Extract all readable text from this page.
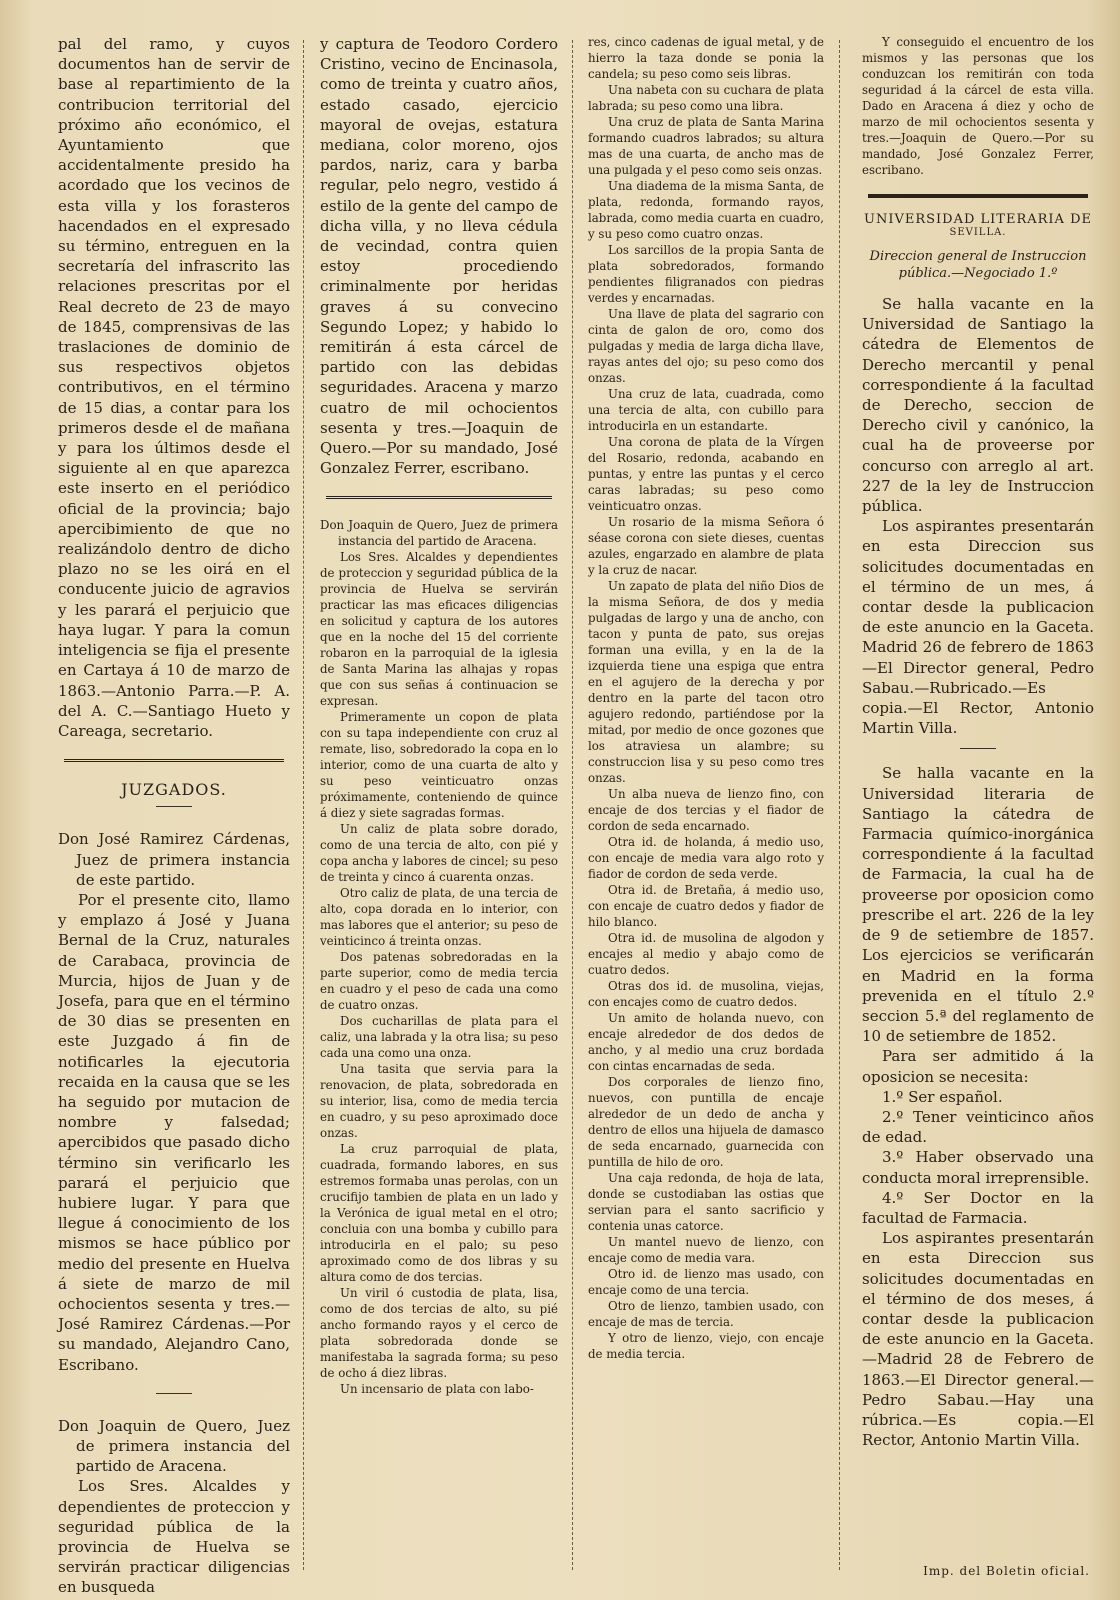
pal del ramo, y cuyos documentos han de servir de base al repartimiento de la contribucion territorial del próximo año económico, el Ayuntamiento que accidentalmente presido ha acordado que los vecinos de esta villa y los forasteros hacendados en el expresado su término, entreguen en la secretaría del infrascrito las relaciones prescritas por el Real decreto de 23 de mayo de 1845, comprensivas de las traslaciones de dominio de sus respectivos objetos contributivos, en el término de 15 dias, a contar para los primeros desde el de mañana y para los últimos desde el siguiente al en que aparezca este inserto en el periódico oficial de la provincia; bajo apercibimiento de que no realizándolo dentro de dicho plazo no se les oirá en el conducente juicio de agravios y les parará el perjuicio que haya lugar. Y para la comun inteligencia se fija el presente en Cartaya á 10 de marzo de 1863.—Antonio Parra.—P. A. del A. C.—Santiago Hueto y Careaga, secretario.

JUZGADOS.

Don José Ramirez Cárdenas, Juez de primera instancia de este partido.

Por el presente cito, llamo y emplazo á José y Juana Bernal de la Cruz, naturales de Carabaca, provincia de Murcia, hijos de Juan y de Josefa, para que en el término de 30 dias se presenten en este Juzgado á fin de notificarles la ejecutoria recaida en la causa que se les ha seguido por mutacion de nombre y falsedad; apercibidos que pasado dicho término sin verificarlo les parará el perjuicio que hubiere lugar. Y para que llegue á conocimiento de los mismos se hace público por medio del presente en Huelva á siete de marzo de mil ochocientos sesenta y tres.—José Ramirez Cárdenas.—Por su mandado, Alejandro Cano, Escribano.

Don Joaquin de Quero, Juez de primera instancia del partido de Aracena.

Los Sres. Alcaldes y dependientes de proteccion y seguridad pública de la provincia de Huelva se servirán practicar diligencias en busqueda

y captura de Teodoro Cordero Cristino, vecino de Encinasola, como de treinta y cuatro años, estado casado, ejercicio mayoral de ovejas, estatura mediana, color moreno, ojos pardos, nariz, cara y barba regular, pelo negro, vestido á estilo de la gente del campo de dicha villa, y no lleva cédula de vecindad, contra quien estoy procediendo criminalmente por heridas graves á su convecino Segundo Lopez; y habido lo remitirán á esta cárcel de partido con las debidas seguridades. Aracena y marzo cuatro de mil ochocientos sesenta y tres.—Joaquin de Quero.—Por su mandado, José Gonzalez Ferrer, escribano.

Don Joaquin de Quero, Juez de primera instancia del partido de Aracena.

Los Sres. Alcaldes y dependientes de proteccion y seguridad pública de la provincia de Huelva se servirán practicar las mas eficaces diligencias en solicitud y captura de los autores que en la noche del 15 del corriente robaron en la parroquial de la iglesia de Santa Marina las alhajas y ropas que con sus señas á continuacion se expresan.

Primeramente un copon de plata con su tapa independiente con cruz al remate, liso, sobredorado la copa en lo interior, como de una cuarta de alto y su peso veinticuatro onzas próximamente, conteniendo de quince á diez y siete sagradas formas.

Un caliz de plata sobre dorado, como de una tercia de alto, con pié y copa ancha y labores de cincel; su peso de treinta y cinco á cuarenta onzas.

Otro caliz de plata, de una tercia de alto, copa dorada en lo interior, con mas labores que el anterior; su peso de veinticinco á treinta onzas.

Dos patenas sobredoradas en la parte superior, como de media tercia en cuadro y el peso de cada una como de cuatro onzas.

Dos cucharillas de plata para el caliz, una labrada y la otra lisa; su peso cada una como una onza.

Una tasita que servia para la renovacion, de plata, sobredorada en su interior, lisa, como de media tercia en cuadro, y su peso aproximado doce onzas.

La cruz parroquial de plata, cuadrada, formando labores, en sus estremos formaba unas perolas, con un crucifijo tambien de plata en un lado y la Verónica de igual metal en el otro; concluia con una bomba y cubillo para introducirla en el palo; su peso aproximado como de dos libras y su altura como de dos tercias.

Un viril ó custodia de plata, lisa, como de dos tercias de alto, su pié ancho formando rayos y el cerco de plata sobredorada donde se manifestaba la sagrada forma; su peso de ocho á diez libras.

Un incensario de plata con labo-

res, cinco cadenas de igual metal, y de hierro la taza donde se ponia la candela; su peso como seis libras.

Una nabeta con su cuchara de plata labrada; su peso como una libra.

Una cruz de plata de Santa Marina formando cuadros labrados; su altura mas de una cuarta, de ancho mas de una pulgada y el peso como seis onzas.

Una diadema de la misma Santa, de plata, redonda, formando rayos, labrada, como media cuarta en cuadro, y su peso como cuatro onzas.

Los sarcillos de la propia Santa de plata sobredorados, formando pendientes filigranados con piedras verdes y encarnadas.

Una llave de plata del sagrario con cinta de galon de oro, como dos pulgadas y media de larga dicha llave, rayas antes del ojo; su peso como dos onzas.

Una cruz de lata, cuadrada, como una tercia de alta, con cubillo para introducirla en un estandarte.

Una corona de plata de la Vírgen del Rosario, redonda, acabando en puntas, y entre las puntas y el cerco caras labradas; su peso como veinticuatro onzas.

Un rosario de la misma Señora ó séase corona con siete dieses, cuentas azules, engarzado en alambre de plata y la cruz de nacar.

Un zapato de plata del niño Dios de la misma Señora, de dos y media pulgadas de largo y una de ancho, con tacon y punta de pato, sus orejas forman una evilla, y en la de la izquierda tiene una espiga que entra en el agujero de la derecha y por dentro en la parte del tacon otro agujero redondo, partiéndose por la mitad, por medio de once gozones que los atraviesa un alambre; su construccion lisa y su peso como tres onzas.

Un alba nueva de lienzo fino, con encaje de dos tercias y el fiador de cordon de seda encarnado.

Otra id. de holanda, á medio uso, con encaje de media vara algo roto y fiador de cordon de seda verde.

Otra id. de Bretaña, á medio uso, con encaje de cuatro dedos y fiador de hilo blanco.

Otra id. de musolina de algodon y encajes al medio y abajo como de cuatro dedos.

Otras dos id. de musolina, viejas, con encajes como de cuatro dedos.

Un amito de holanda nuevo, con encaje alrededor de dos dedos de ancho, y al medio una cruz bordada con cintas encarnadas de seda.

Dos corporales de lienzo fino, nuevos, con puntilla de encaje alrededor de un dedo de ancha y dentro de ellos una hijuela de damasco de seda encarnado, guarnecida con puntilla de hilo de oro.

Una caja redonda, de hoja de lata, donde se custodiaban las ostias que servian para el santo sacrificio y contenia unas catorce.

Un mantel nuevo de lienzo, con encaje como de media vara.

Otro id. de lienzo mas usado, con encaje como de una tercia.

Otro de lienzo, tambien usado, con encaje de mas de tercia.

Y otro de lienzo, viejo, con encaje de media tercia.

Y conseguido el encuentro de los mismos y las personas que los conduzcan los remitirán con toda seguridad á la cárcel de esta villa. Dado en Aracena á diez y ocho de marzo de mil ochocientos sesenta y tres.—Joaquin de Quero.—Por su mandado, José Gonzalez Ferrer, escribano.

UNIVERSIDAD LITERARIA DE
SEVILLA.
Direccion general de Instruccion pública.—Negociado 1.º

Se halla vacante en la Universidad de Santiago la cátedra de Elementos de Derecho mercantil y penal correspondiente á la facultad de Derecho, seccion de Derecho civil y canónico, la cual ha de proveerse por concurso con arreglo al art. 227 de la ley de Instruccion pública.

Los aspirantes presentarán en esta Direccion sus solicitudes documentadas en el término de un mes, á contar desde la publicacion de este anuncio en la Gaceta. Madrid 26 de febrero de 1863 —El Director general, Pedro Sabau.—Rubricado.—Es copia.—El Rector, Antonio Martin Villa.

Se halla vacante en la Universidad literaria de Santiago la cátedra de Farmacia químico-inorgánica correspondiente á la facultad de Farmacia, la cual ha de proveerse por oposicion como prescribe el art. 226 de la ley de 9 de setiembre de 1857. Los ejercicios se verificarán en Madrid en la forma prevenida en el título 2.º seccion 5.ª del reglamento de 10 de setiembre de 1852.

Para ser admitido á la oposicion se necesita:

1.º Ser español.

2.º Tener veinticinco años de edad.

3.º Haber observado una conducta moral irreprensible.

4.º Ser Doctor en la facultad de Farmacia.

Los aspirantes presentarán en esta Direccion sus solicitudes documentadas en el término de dos meses, á contar desde la publicacion de este anuncio en la Gaceta.—Madrid 28 de Febrero de 1863.—El Director general.—Pedro Sabau.—Hay una rúbrica.—Es copia.—El Rector, Antonio Martin Villa.

Imp. del Boletin oficial.
